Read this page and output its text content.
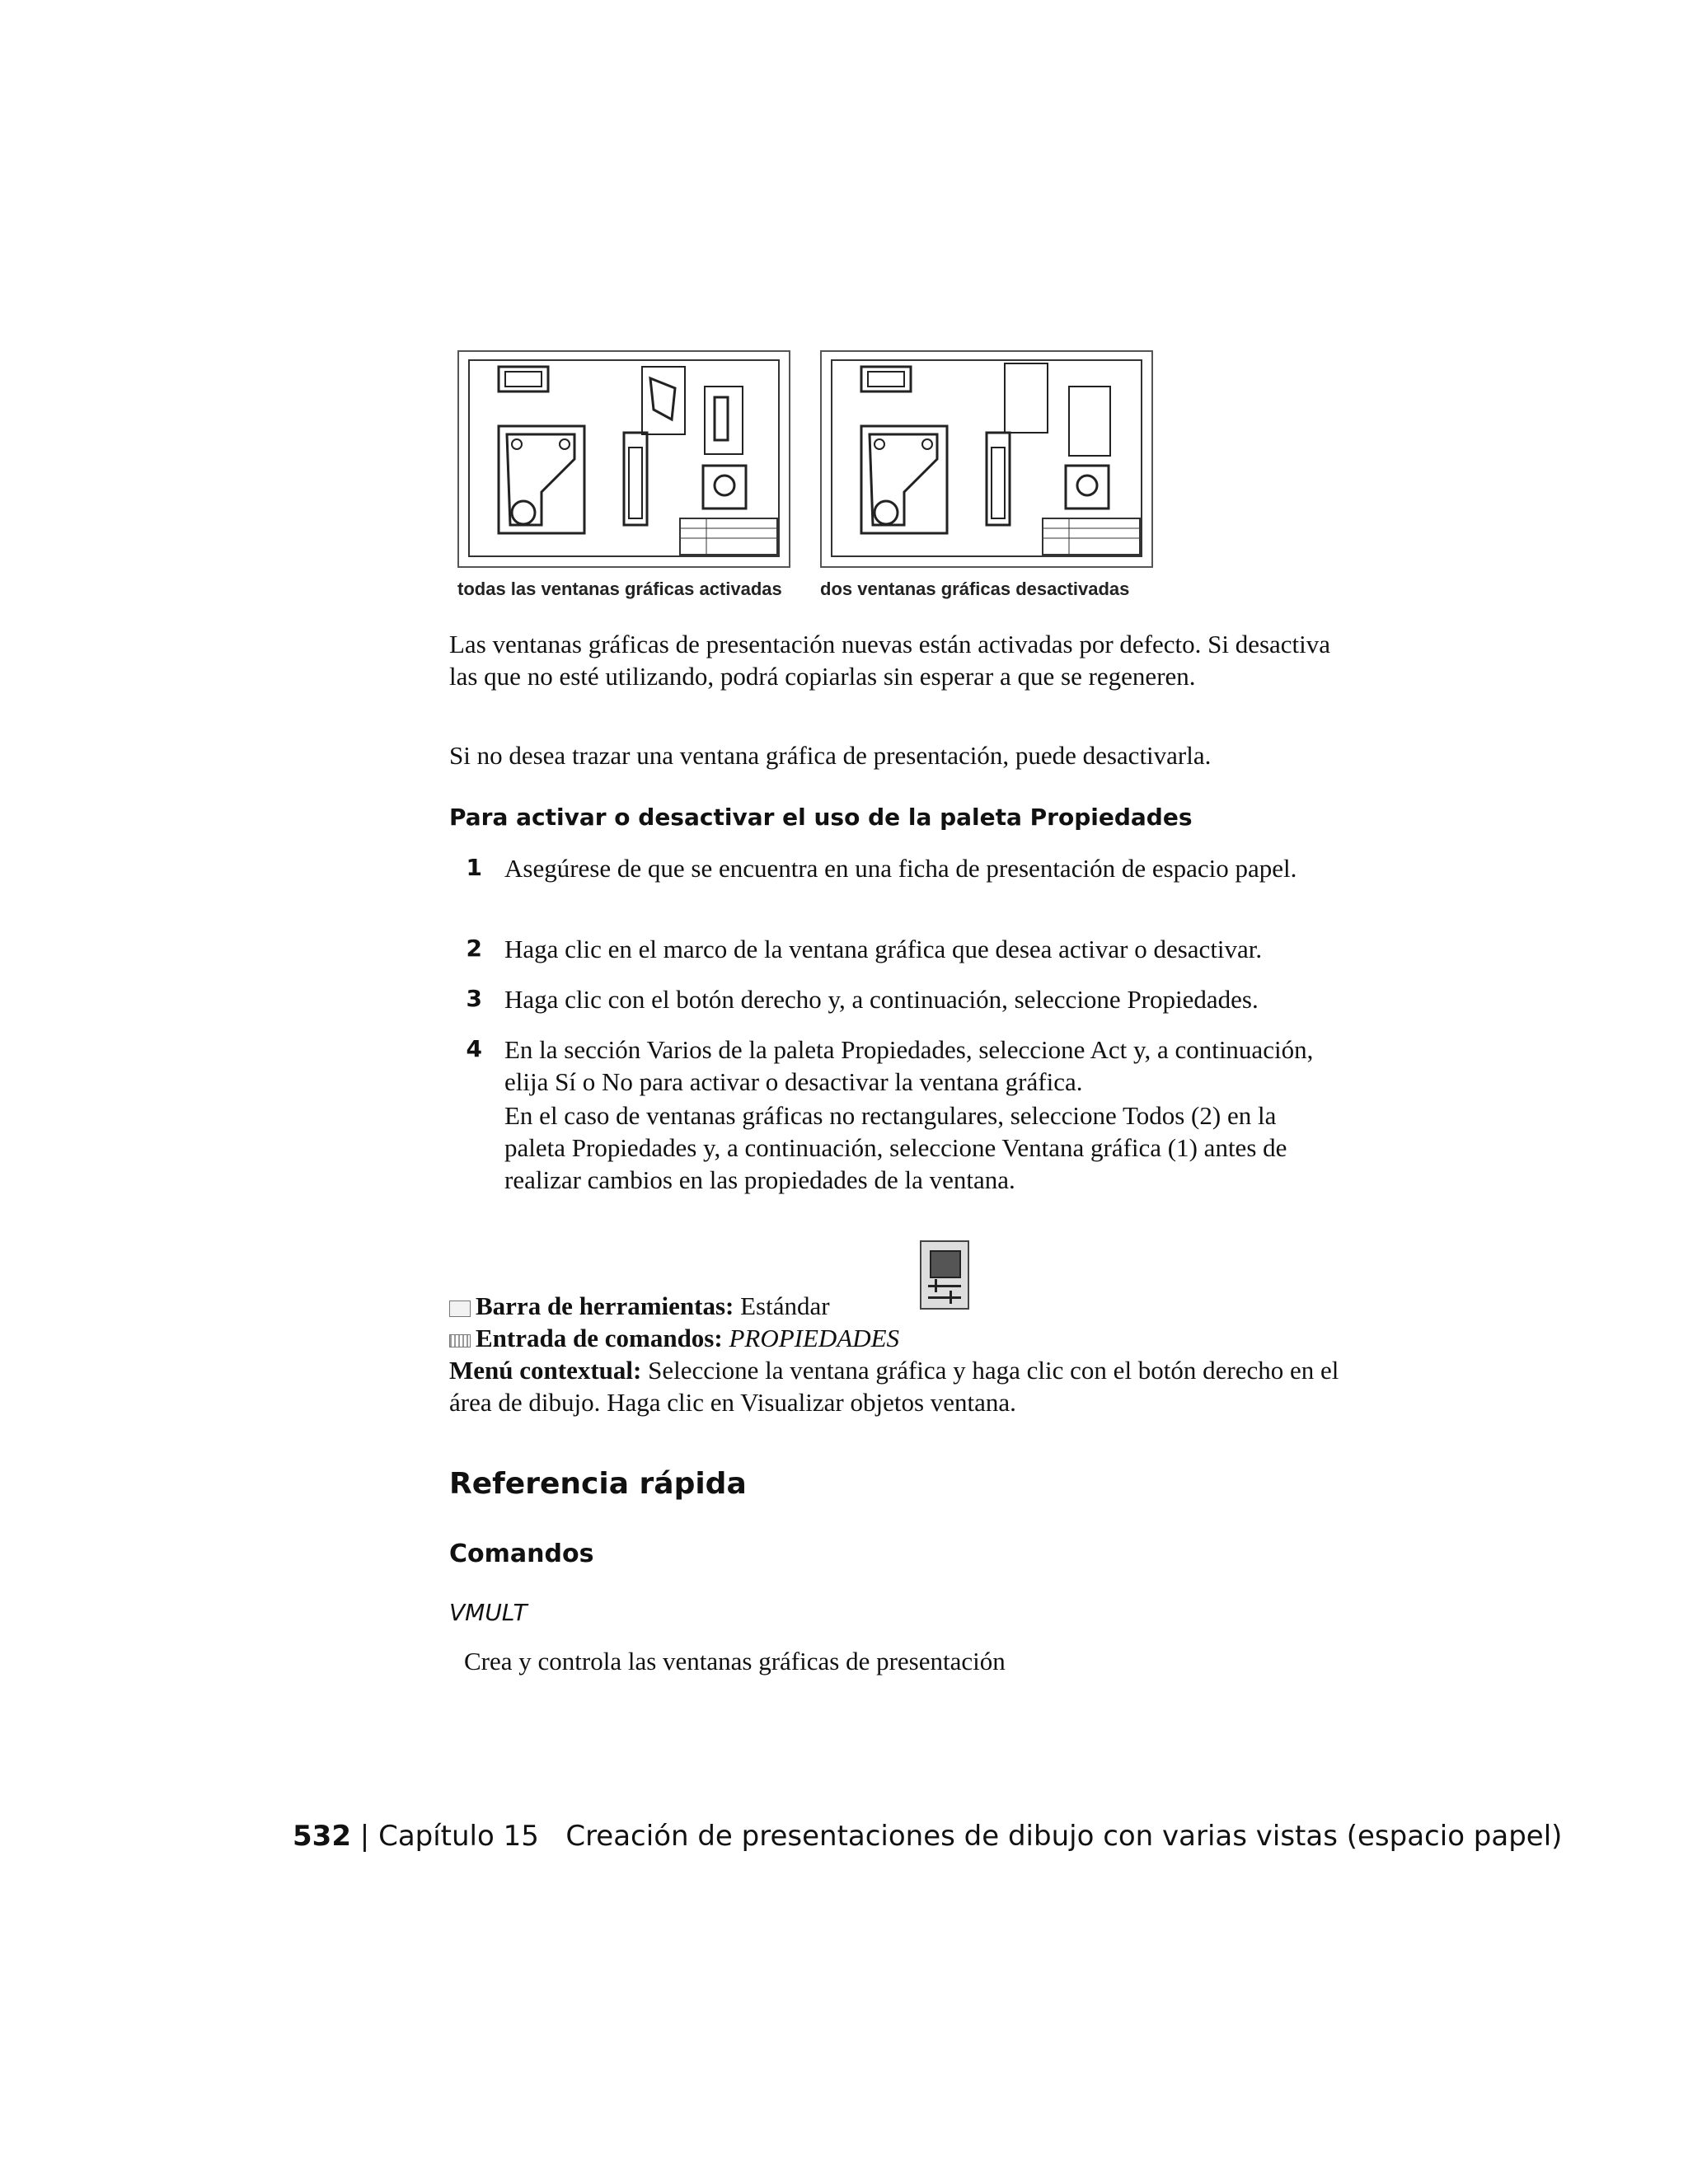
todas las ventanas gráficas activadas dos ventanas gráficas desactivadas

Las ventanas gráficas de presentación nuevas están activadas por defecto. Si desactiva las que no esté utilizando, podrá copiarlas sin esperar a que se regeneren.

Si no desea trazar una ventana gráfica de presentación, puede desactivarla.

Para activar o desactivar el uso de la paleta Propiedades
1 Asegúrese de que se encuentra en una ficha de presentación de espacio papel.
2 Haga clic en el marco de la ventana gráfica que desea activar o desactivar.
3 Haga clic con el botón derecho y, a continuación, seleccione Propiedades.
4 En la sección Varios de la paleta Propiedades, seleccione Act y, a continuación, elija Sí o No para activar o desactivar la ventana gráfica.
En el caso de ventanas gráficas no rectangulares, seleccione Todos (2) en la paleta Propiedades y, a continuación, seleccione Ventana gráfica (1) antes de realizar cambios en las propiedades de la ventana.
Barra de herramientas: Estándar
Entrada de comandos: PROPIEDADES
Menú contextual: Seleccione la ventana gráfica y haga clic con el botón derecho en el área de dibujo. Haga clic en Visualizar objetos ventana.
Referencia rápida
Comandos
VMULT
Crea y controla las ventanas gráficas de presentación
532 | Capítulo 15 Creación de presentaciones de dibujo con varias vistas (espacio papel)
